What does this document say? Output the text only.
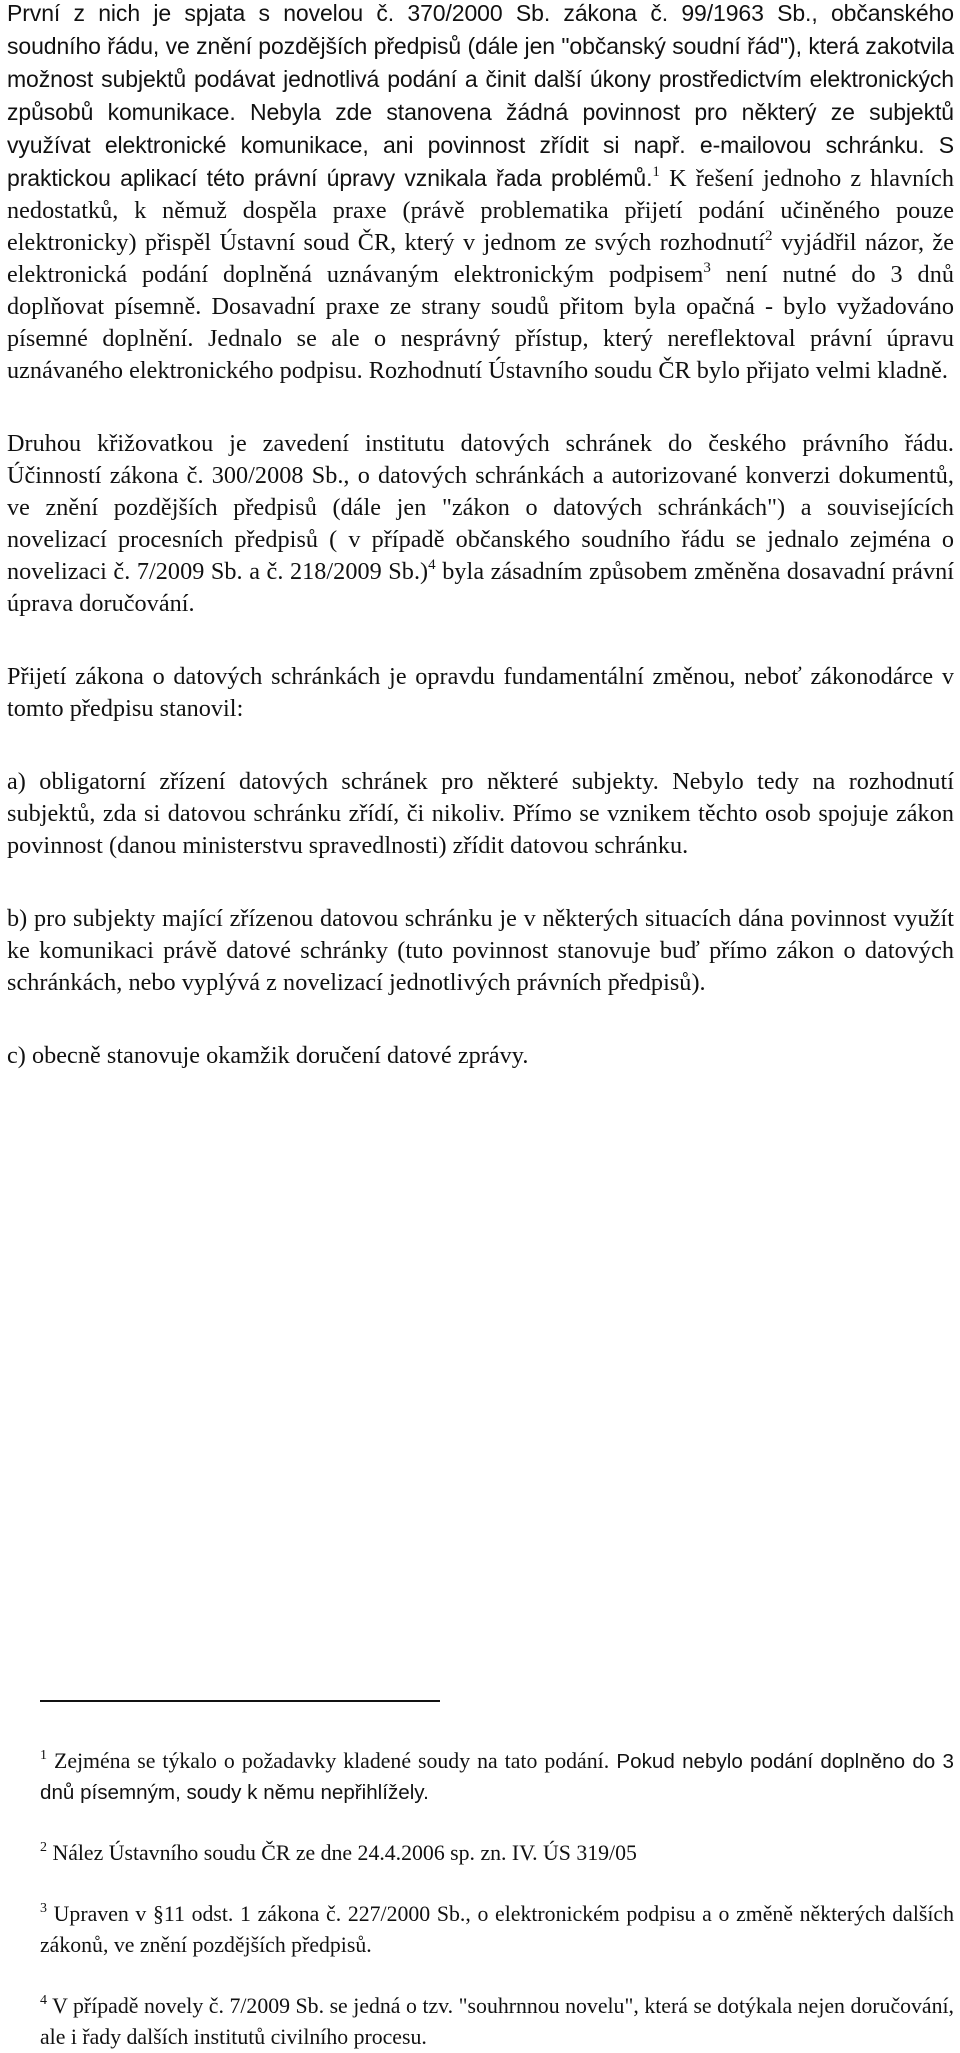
První z nich je spjata s novelou č. 370/2000 Sb. zákona č. 99/1963 Sb., občanského soudního řádu, ve znění pozdějších předpisů (dále jen "občanský soudní řád"), která zakotvila možnost subjektů podávat jednotlivá podání a činit další úkony prostředictvím elektronických způsobů komunikace. Nebyla zde stanovena žádná povinnost pro některý ze subjektů využívat elektronické komunikace, ani povinnost zřídit si např. e-mailovou schránku. S praktickou aplikací této právní úpravy vznikala řada problémů.$^1$ K řešení jednoho z hlavních nedostatků, k němuž dospěla praxe (právě problematika přijetí podání učiněného pouze elektronicky) přispěl Ústavní soud ČR, který v jednom ze svých rozhodnutí$^2$ vyjádřil názor, že elektronická podání doplněná uznávaným elektronickým podpisem$^3$ není nutné do 3 dnů doplňovat písemně. Dosavadní praxe ze strany soudů přitom byla opačná - bylo vyžadováno písemné doplnění. Jednalo se ale o nesprávný přístup, který nereflektoval právní úpravu uznávaného elektronického podpisu. Rozhodnutí Ústavního soudu ČR bylo přijato velmi kladně.

Druhou křižovatkou je zavedení institutu datových schránek do českého právního řádu. Účinností zákona č. 300/2008 Sb., o datových schránkách a autorizované konverzi dokumentů, ve znění pozdějších předpisů (dále jen "zákon o datových schránkách") a souvisejících novelizací procesních předpisů ( v případě občanského soudního řádu se jednalo zejména o novelizaci č. 7/2009 Sb. a č. 218/2009 Sb.)$^4$ byla zásadním způsobem změněna dosavadní právní úprava doručování.

Přijetí zákona o datových schránkách je opravdu fundamentální změnou, neboť zákonodárce v tomto předpisu stanovil:

a) obligatorní zřízení datových schránek pro některé subjekty. Nebylo tedy na rozhodnutí subjektů, zda si datovou schránku zřídí, či nikoliv. Přímo se vznikem těchto osob spojuje zákon povinnost (danou ministerstvu spravedlnosti) zřídit datovou schránku.

b) pro subjekty mající zřízenou datovou schránku je v některých situacích dána povinnost využít ke komunikaci právě datové schránky (tuto povinnost stanovuje buď přímo zákon o datových schránkách, nebo vyplývá z novelizací jednotlivých právních předpisů).

c) obecně stanovuje okamžik doručení datové zprávy.

$^1$ Zejména se týkalo o požadavky kladené soudy na tato podání. Pokud nebylo podání doplněno do 3 dnů písemným, soudy k němu nepřihlížely.

$^2$ Nález Ústavního soudu ČR ze dne 24.4.2006 sp. zn. IV. ÚS 319/05

$^3$ Upraven v §11 odst. 1 zákona č. 227/2000 Sb., o elektronickém podpisu a o změně některých dalších zákonů, ve znění pozdějších předpisů.

$^4$ V případě novely č. 7/2009 Sb. se jedná o tzv. "souhrnnou novelu", která se dotýkala nejen doručování, ale i řady dalších institutů civilního procesu.
